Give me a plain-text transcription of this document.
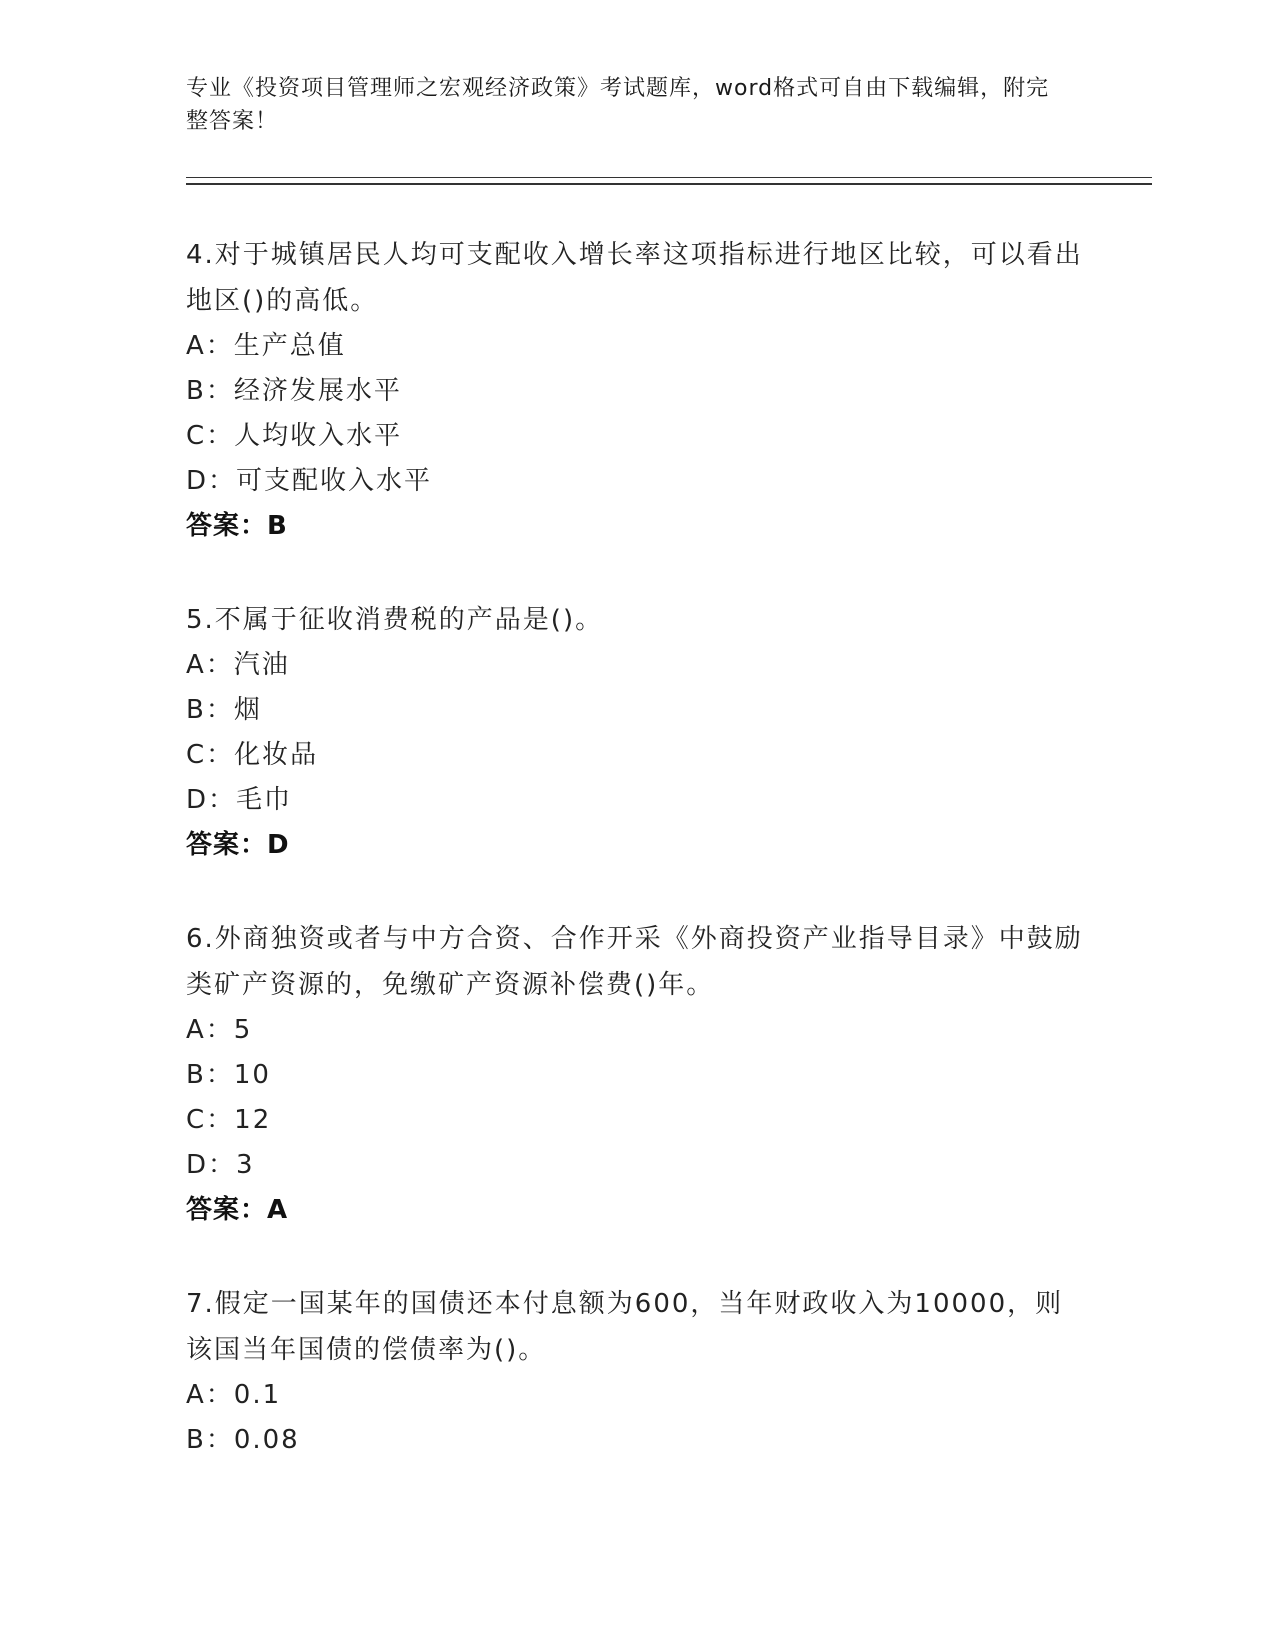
专业《投资项目管理师之宏观经济政策》考试题库，word格式可自由下载编辑，附完整答案！
4.对于城镇居民人均可支配收入增长率这项指标进行地区比较，可以看出地区()的高低。
A：生产总值
B：经济发展水平
C：人均收入水平
D：可支配收入水平
答案：B
5.不属于征收消费税的产品是()。
A：汽油
B：烟
C：化妆品
D：毛巾
答案：D
6.外商独资或者与中方合资、合作开采《外商投资产业指导目录》中鼓励类矿产资源的，免缴矿产资源补偿费()年。
A：5
B：10
C：12
D：3
答案：A
7.假定一国某年的国债还本付息额为600，当年财政收入为10000，则该国当年国债的偿债率为()。
A：0.1
B：0.08
